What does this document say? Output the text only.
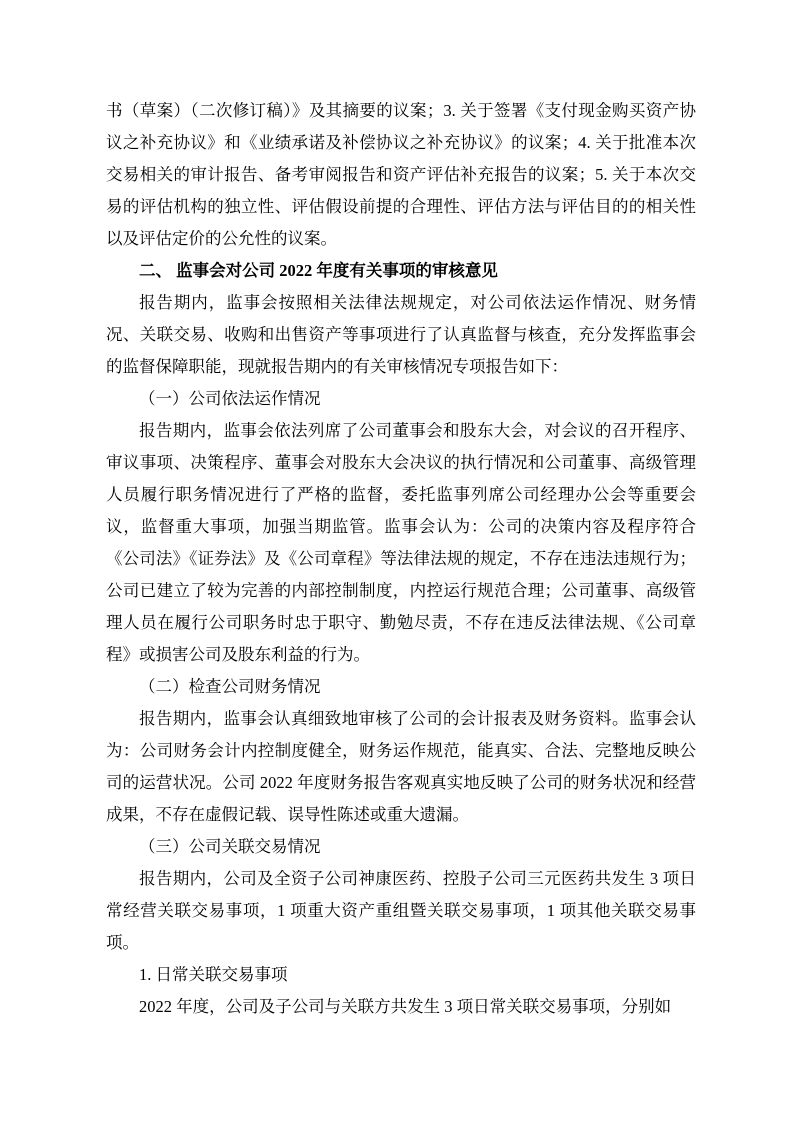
书（草案）（二次修订稿）》及其摘要的议案；3. 关于签署《支付现金购买资产协议之补充协议》和《业绩承诺及补偿协议之补充协议》的议案；4. 关于批准本次交易相关的审计报告、备考审阅报告和资产评估补充报告的议案；5. 关于本次交易的评估机构的独立性、评估假设前提的合理性、评估方法与评估目的的相关性以及评估定价的公允性的议案。

二、 监事会对公司 2022 年度有关事项的审核意见

报告期内，监事会按照相关法律法规规定，对公司依法运作情况、财务情况、关联交易、收购和出售资产等事项进行了认真监督与核查，充分发挥监事会的监督保障职能，现就报告期内的有关审核情况专项报告如下：

（一）公司依法运作情况

报告期内，监事会依法列席了公司董事会和股东大会，对会议的召开程序、审议事项、决策程序、董事会对股东大会决议的执行情况和公司董事、高级管理人员履行职务情况进行了严格的监督，委托监事列席公司经理办公会等重要会议，监督重大事项，加强当期监管。监事会认为：公司的决策内容及程序符合《公司法》《证券法》及《公司章程》等法律法规的规定，不存在违法违规行为；公司已建立了较为完善的内部控制制度，内控运行规范合理；公司董事、高级管理人员在履行公司职务时忠于职守、勤勉尽责，不存在违反法律法规、《公司章程》或损害公司及股东利益的行为。

（二）检查公司财务情况

报告期内，监事会认真细致地审核了公司的会计报表及财务资料。监事会认为：公司财务会计内控制度健全，财务运作规范，能真实、合法、完整地反映公司的运营状况。公司 2022 年度财务报告客观真实地反映了公司的财务状况和经营成果，不存在虚假记载、误导性陈述或重大遗漏。

（三）公司关联交易情况

报告期内，公司及全资子公司神康医药、控股子公司三元医药共发生 3 项日常经营关联交易事项，1 项重大资产重组暨关联交易事项，1 项其他关联交易事项。

1. 日常关联交易事项

2022 年度，公司及子公司与关联方共发生 3 项日常关联交易事项，分别如
